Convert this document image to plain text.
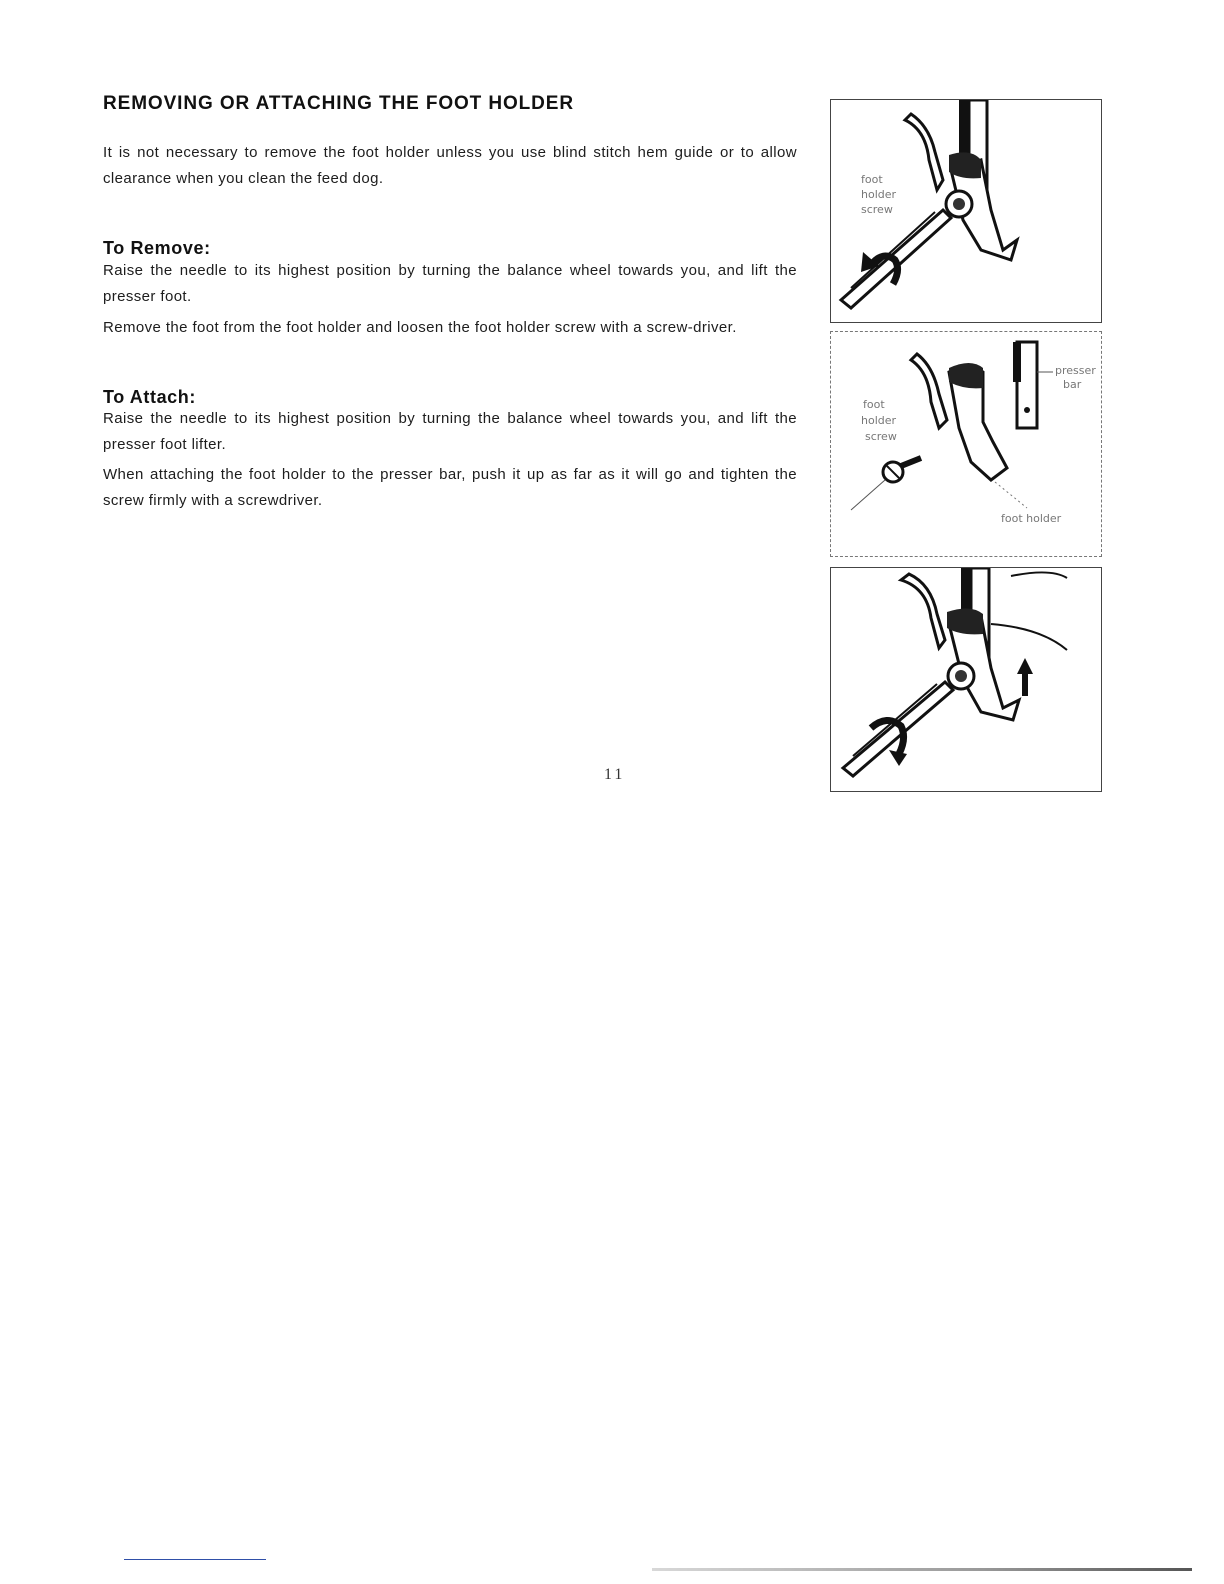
REMOVING OR ATTACHING THE FOOT HOLDER

It is not necessary to remove the foot holder unless you use blind stitch hem guide or to allow clearance when you clean the feed dog.

To Remove:

Raise the needle to its highest position by turning the balance wheel towards you, and lift the presser foot.

Remove the foot from the foot holder and loosen the foot holder screw with a screw-driver.

To Attach:

Raise the needle to its highest position by turning the balance wheel towards you, and lift the presser foot lifter.

When attaching the foot holder to the presser bar, push it up as far as it will go and tighten the screw firmly with a screwdriver.

foot
holder
screw
foot
holder
screw
presser
bar
foot holder
11
